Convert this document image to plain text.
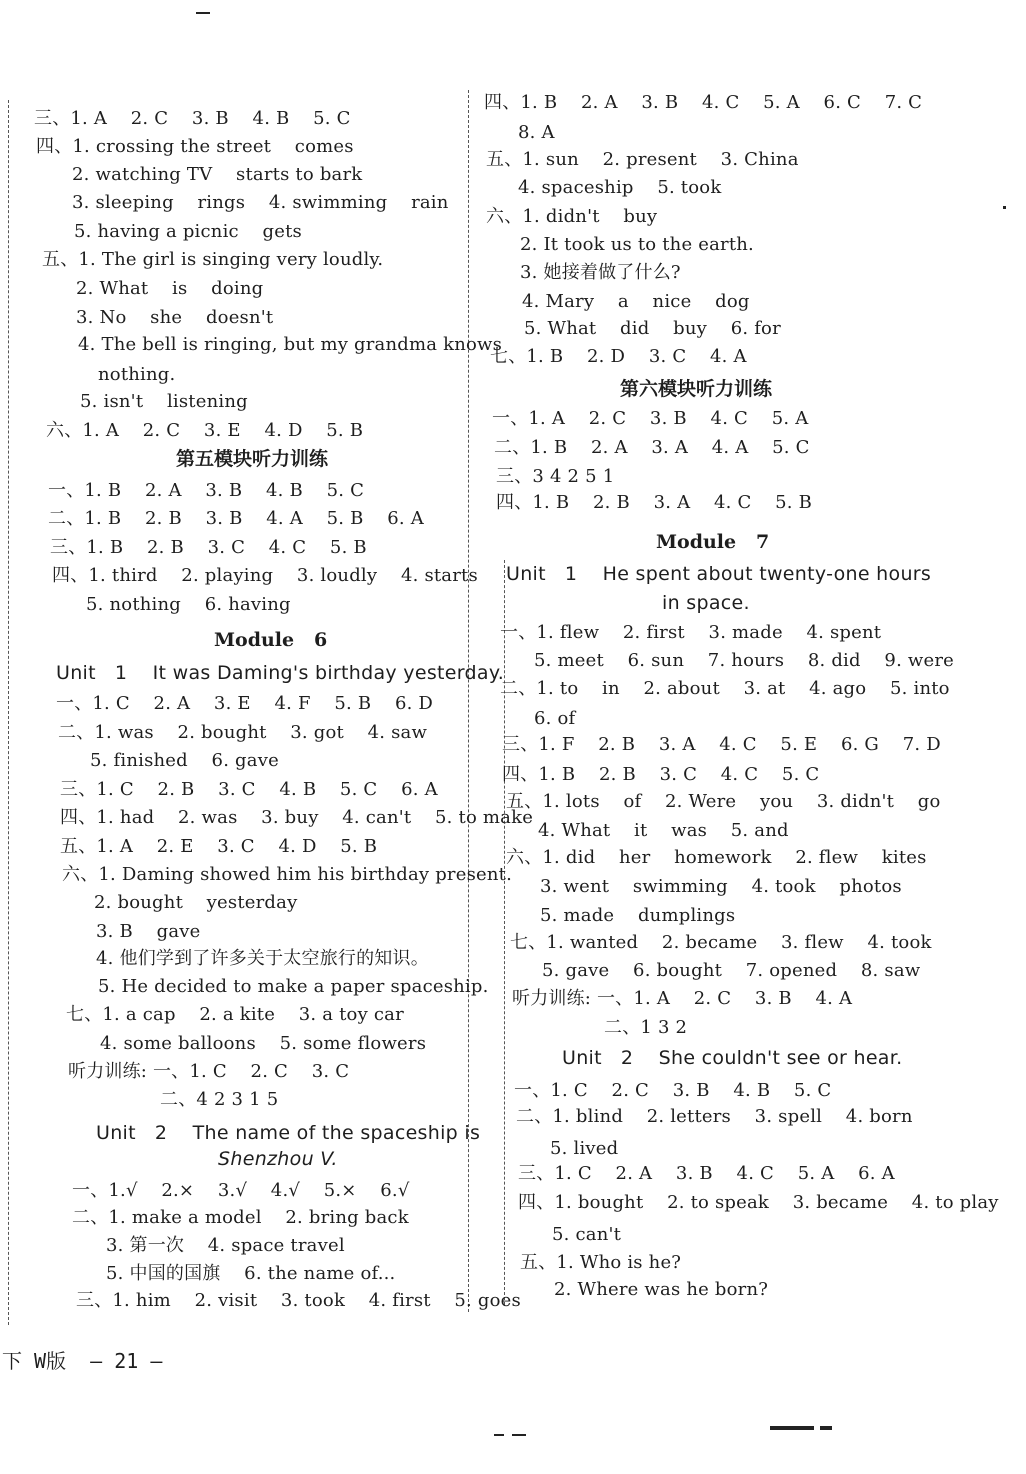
三、1. A    2. C    3. B    4. B    5. C
四、1. crossing the street    comes
2. watching TV    starts to bark
3. sleeping    rings    4. swimming    rain
5. having a picnic    gets
五、1. The girl is singing very loudly.
2. What    is    doing
3. No    she    doesn't
4. The bell is ringing, but my grandma knows
nothing.
5. isn't    listening
六、1. A    2. C    3. E    4. D    5. B
第五模块听力训练
一、1. B    2. A    3. B    4. B    5. C
二、1. B    2. B    3. B    4. A    5. B    6. A
三、1. B    2. B    3. C    4. C    5. B
四、1. third    2. playing    3. loudly    4. starts
5. nothing    6. having
Module   6
Unit   1    It was Daming's birthday yesterday.
一、1. C    2. A    3. E    4. F    5. B    6. D
二、1. was    2. bought    3. got    4. saw
5. finished    6. gave
三、1. C    2. B    3. C    4. B    5. C    6. A
四、1. had    2. was    3. buy    4. can't    5. to make
五、1. A    2. E    3. C    4. D    5. B
六、1. Daming showed him his birthday present.
2. bought    yesterday
3. B    gave
4. 他们学到了许多关于太空旅行的知识。
5. He decided to make a paper spaceship.
七、1. a cap    2. a kite    3. a toy car
4. some balloons    5. some flowers
听力训练: 一、1. C    2. C    3. C
二、4 2 3 1 5
Unit   2    The name of the spaceship is
Shenzhou V.
一、1.√    2.×    3.√    4.√    5.×    6.√
二、1. make a model    2. bring back
3. 第一次    4. space travel
5. 中国的国旗    6. the name of...
三、1. him    2. visit    3. took    4. first    5. goes
四、1. B    2. A    3. B    4. C    5. A    6. C    7. C
8. A
五、1. sun    2. present    3. China
4. spaceship    5. took
六、1. didn't    buy
2. It took us to the earth.
3. 她接着做了什么?
4. Mary    a    nice    dog
5. What    did    buy    6. for
七、1. B    2. D    3. C    4. A
第六模块听力训练
一、1. A    2. C    3. B    4. C    5. A
二、1. B    2. A    3. A    4. A    5. C
三、3 4 2 5 1
四、1. B    2. B    3. A    4. C    5. B
Module   7
Unit   1    He spent about twenty-one hours
in space.
一、1. flew    2. first    3. made    4. spent
5. meet    6. sun    7. hours    8. did    9. were
二、1. to    in    2. about    3. at    4. ago    5. into
6. of
三、1. F    2. B    3. A    4. C    5. E    6. G    7. D
四、1. B    2. B    3. C    4. C    5. C
五、1. lots    of    2. Were    you    3. didn't    go
4. What    it    was    5. and
六、1. did    her    homework    2. flew    kites
3. went    swimming    4. took    photos
5. made    dumplings
七、1. wanted    2. became    3. flew    4. took
5. gave    6. bought    7. opened    8. saw
听力训练: 一、1. A    2. C    3. B    4. A
二、1 3 2
Unit   2    She couldn't see or hear.
一、1. C    2. C    3. B    4. B    5. C
二、1. blind    2. letters    3. spell    4. born
5. lived
三、1. C    2. A    3. B    4. C    5. A    6. A
四、1. bought    2. to speak    3. became    4. to play
5. can't
五、1. Who is he?
2. Where was he born?
下 W版  — 21 —
